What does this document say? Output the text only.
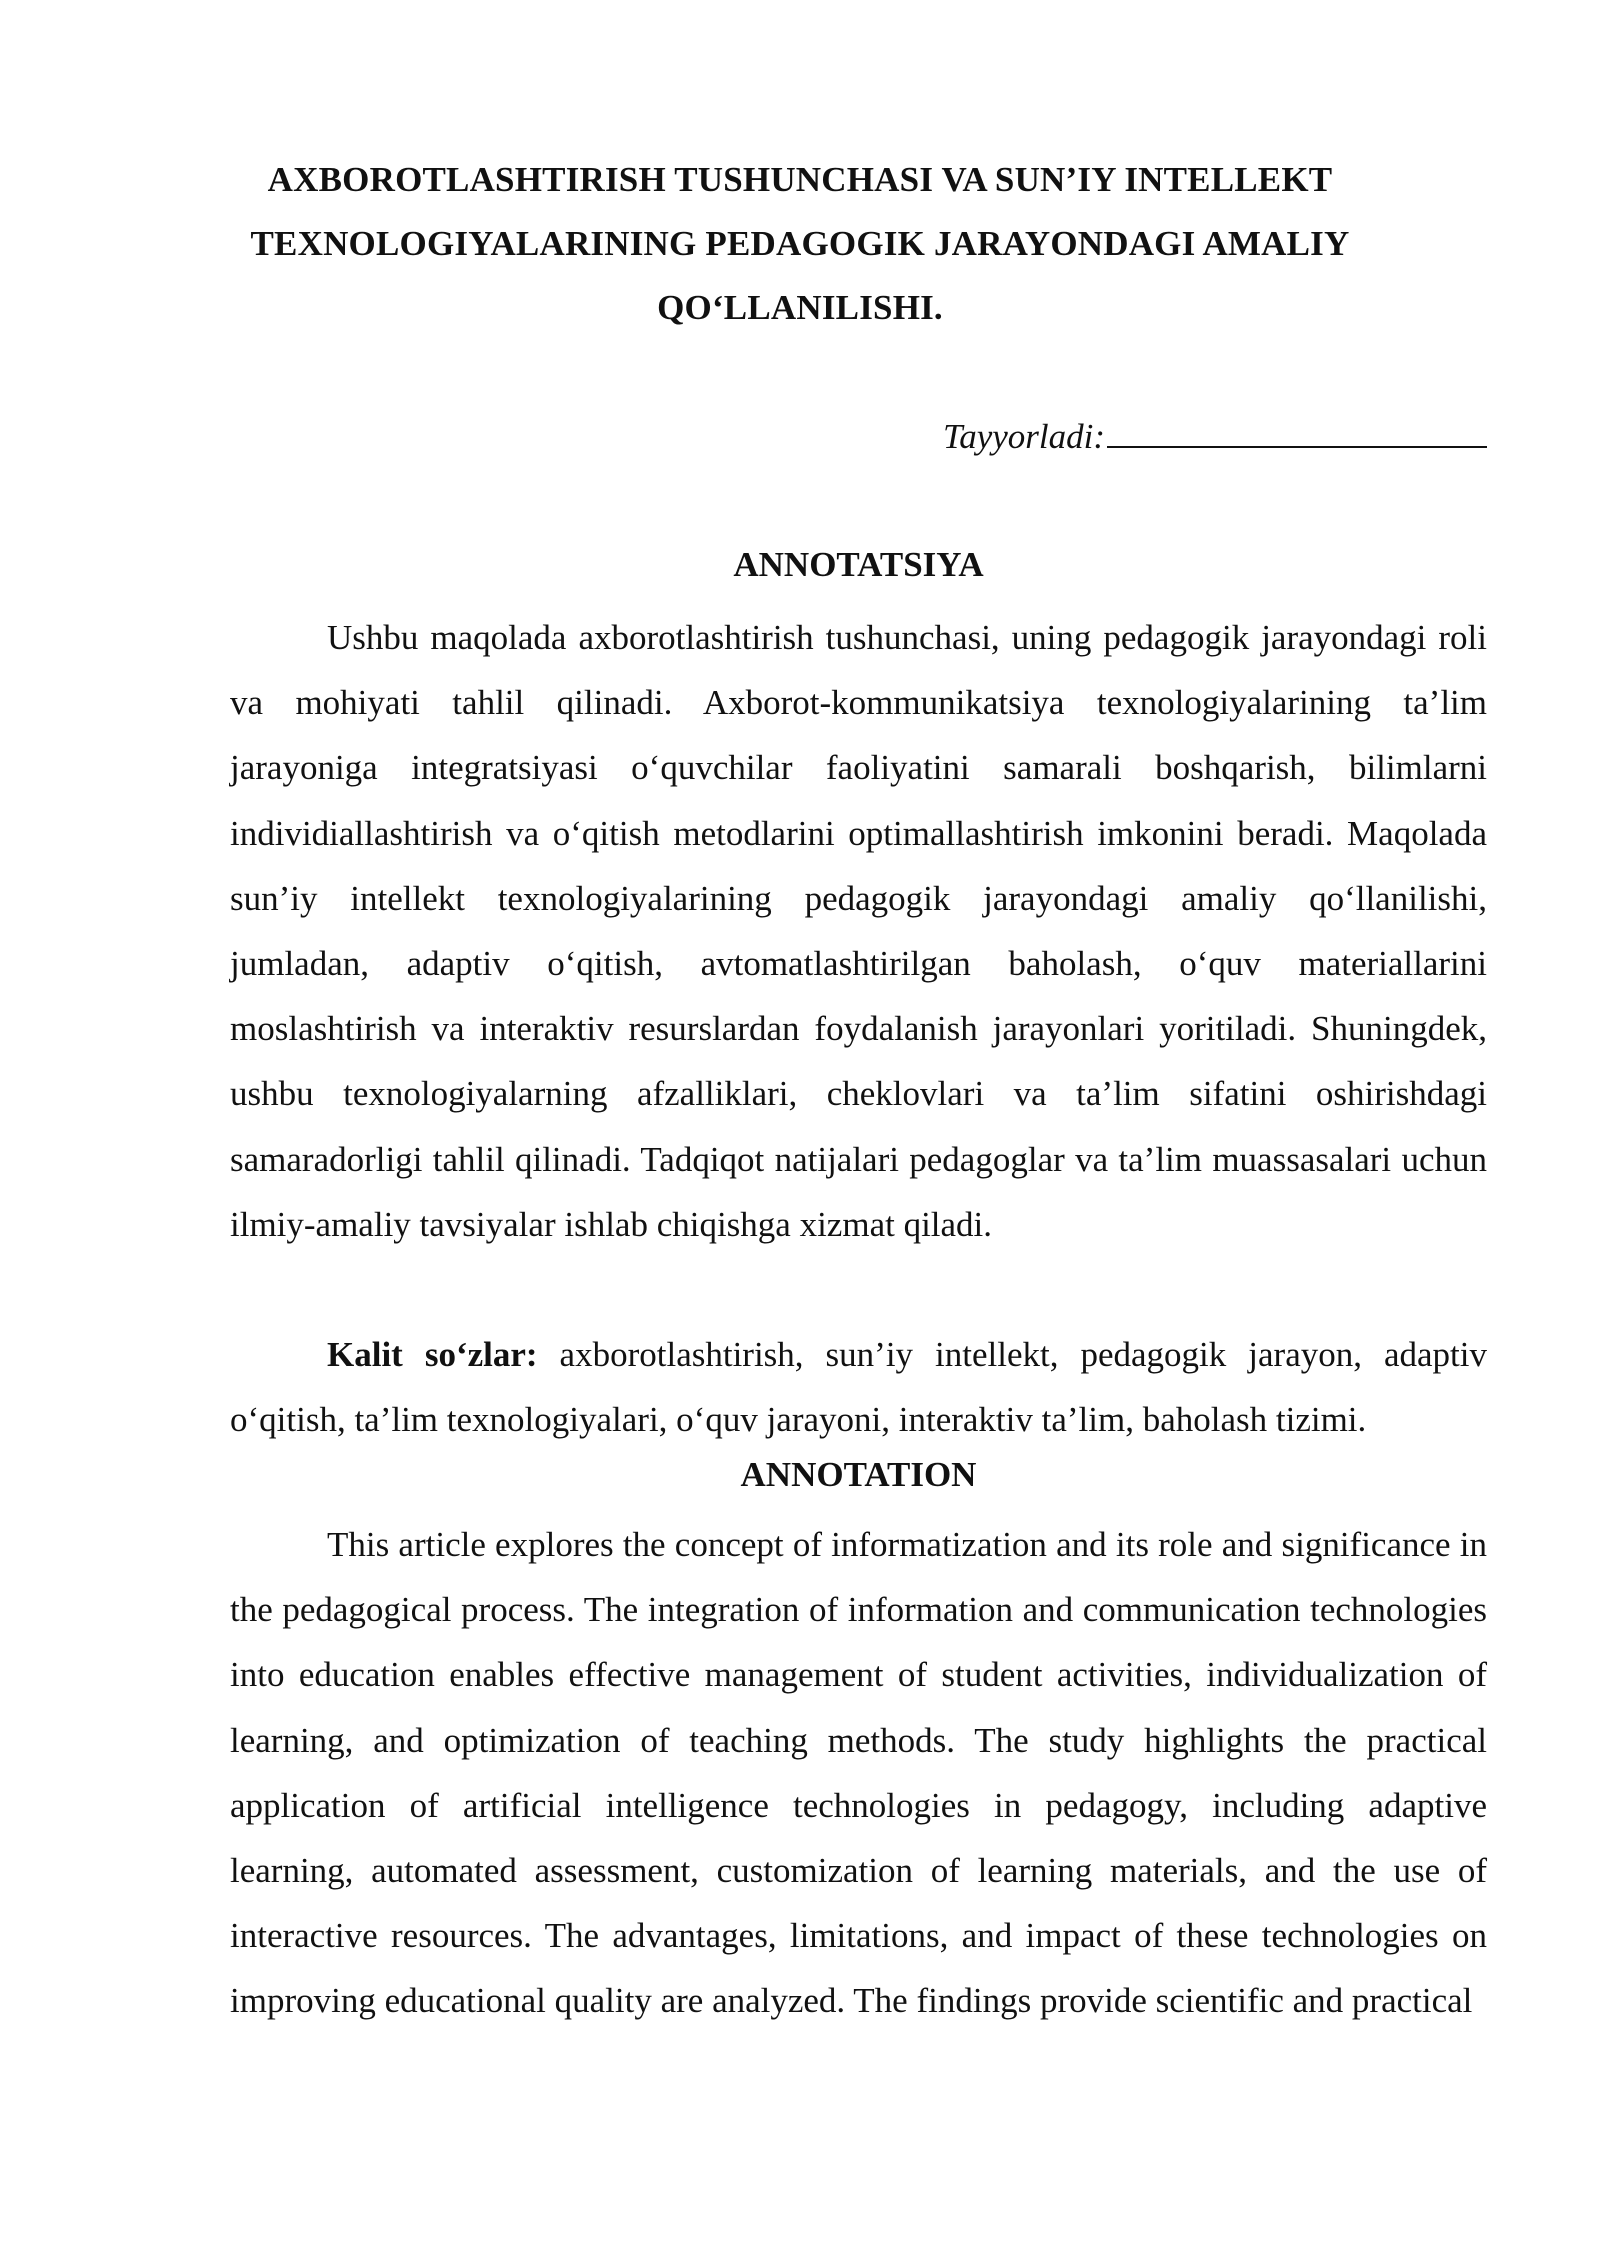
AXBOROTLASHTIRISH TUSHUNCHASI VA SUN’IY INTELLEKT
TEXNOLOGIYALARINING PEDAGOGIK JARAYONDAGI AMALIY
QO‘LLANILISHI.
Tayyorladi:
ANNOTATSIYA

Ushbu maqolada axborotlashtirish tushunchasi, uning pedagogik jarayondagi roli va mohiyati tahlil qilinadi. Axborot-kommunikatsiya texnologiyalarining ta’lim jarayoniga integratsiyasi o‘quvchilar faoliyatini samarali boshqarish, bilimlarni individiallashtirish va o‘qitish metodlarini optimallashtirish imkonini beradi. Maqolada sun’iy intellekt texnologiyalarining pedagogik jarayondagi amaliy qo‘llanilishi, jumladan, adaptiv o‘qitish, avtomatlashtirilgan baholash, o‘quv materiallarini moslashtirish va interaktiv resurslardan foydalanish jarayonlari yoritiladi. Shuningdek, ushbu texnologiyalarning afzalliklari, cheklovlari va ta’lim sifatini oshirishdagi samaradorligi tahlil qilinadi. Tadqiqot natijalari pedagoglar va ta’lim muassasalari uchun ilmiy-amaliy tavsiyalar ishlab chiqishga xizmat qiladi.

Kalit so‘zlar: axborotlashtirish, sun’iy intellekt, pedagogik jarayon, adaptiv o‘qitish, ta’lim texnologiyalari, o‘quv jarayoni, interaktiv ta’lim, baholash tizimi.

ANNOTATION

This article explores the concept of informatization and its role and significance in the pedagogical process. The integration of information and communication technologies into education enables effective management of student activities, individualization of learning, and optimization of teaching methods. The study highlights the practical application of artificial intelligence technologies in pedagogy, including adaptive learning, automated assessment, customization of learning materials, and the use of interactive resources. The advantages, limitations, and impact of these technologies on improving educational quality are analyzed. The findings provide scientific and practical
